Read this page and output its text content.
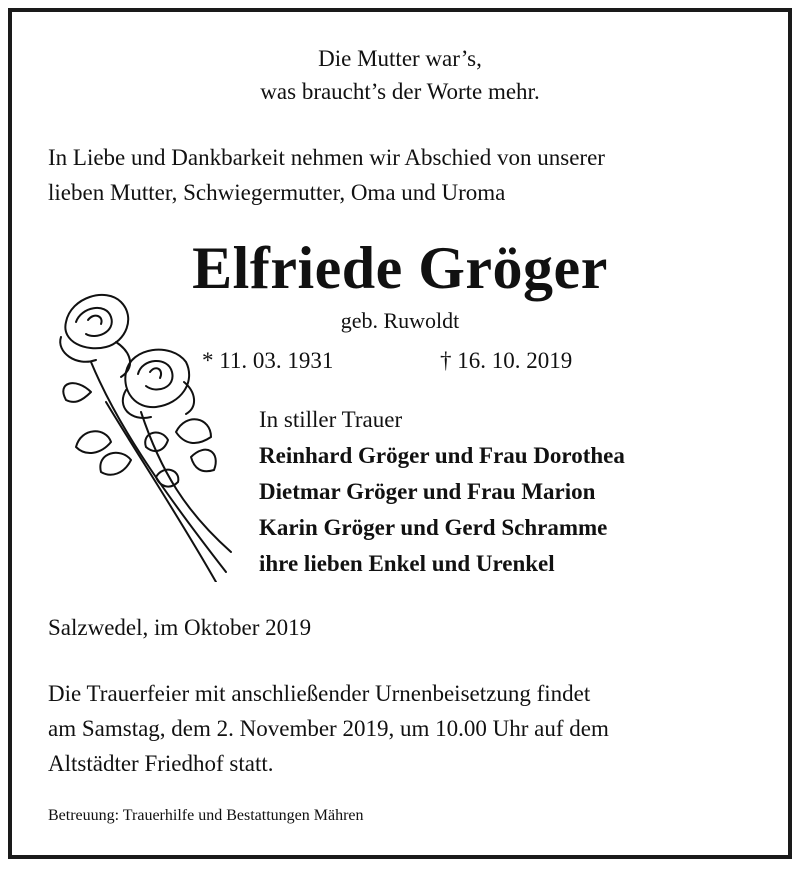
Die Mutter war’s,
was braucht’s der Worte mehr.
In Liebe und Dankbarkeit nehmen wir Abschied von unserer
lieben Mutter, Schwiegermutter, Oma und Uroma
Elfriede Gröger
geb. Ruwoldt
* 11. 03. 1931	† 16. 10. 2019
In stiller Trauer
Reinhard Gröger und Frau Dorothea
Dietmar Gröger und Frau Marion
Karin Gröger und Gerd Schramme
ihre lieben Enkel und Urenkel
Salzwedel, im Oktober 2019
Die Trauerfeier mit anschließender Urnenbeisetzung findet
am Samstag, dem 2. November 2019, um 10.00 Uhr auf dem
Altstädter Friedhof statt.
Betreuung: Trauerhilfe und Bestattungen Mähren
